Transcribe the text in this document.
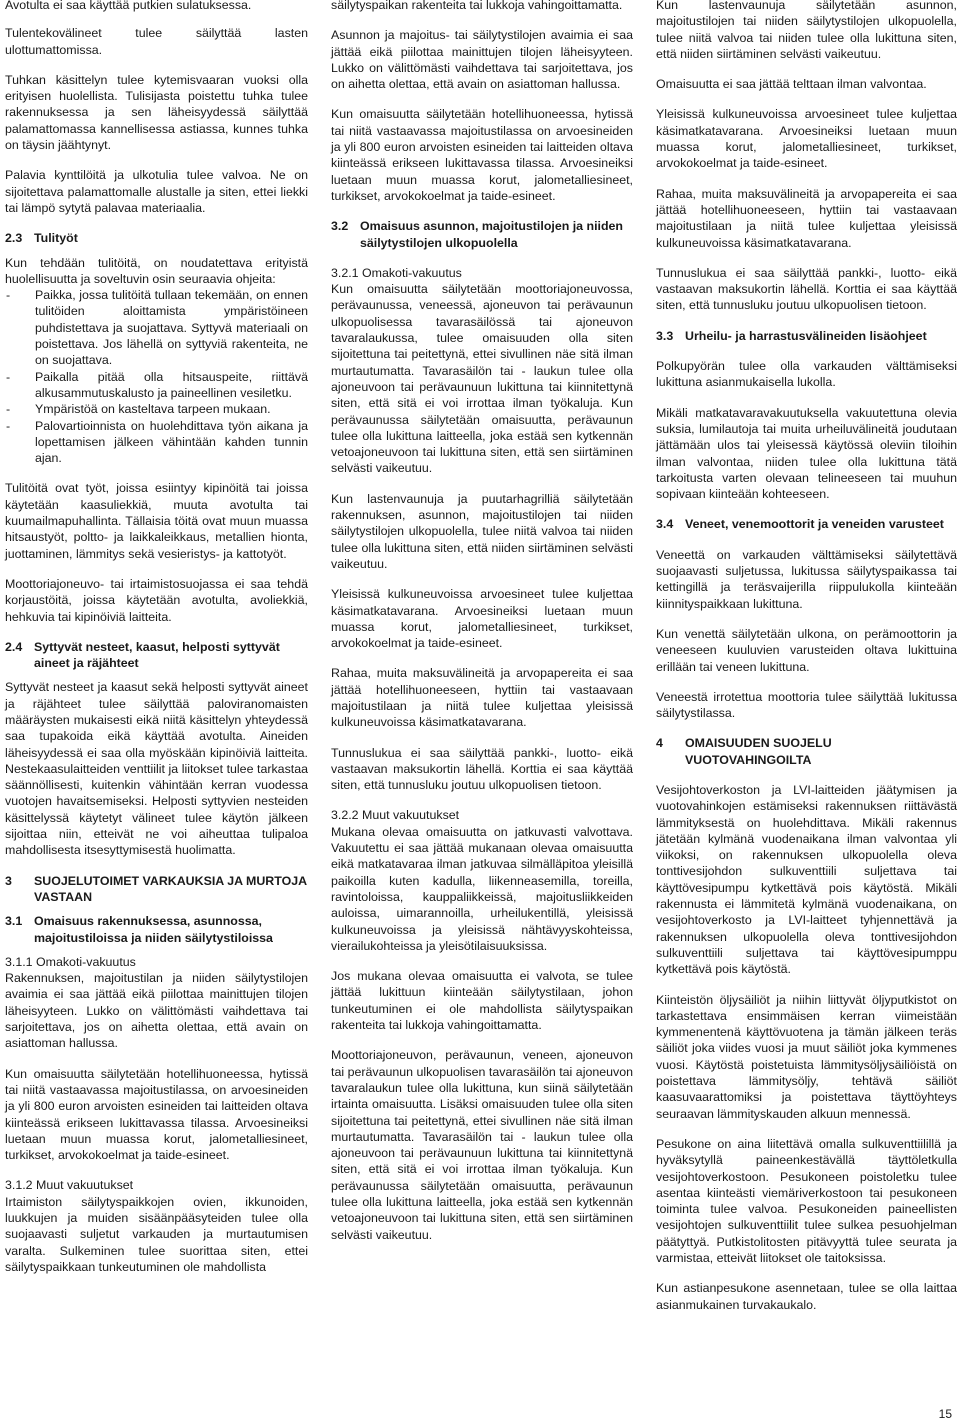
Avotulta ei saa käyttää putkien sulatuksessa.

Tulentekovälineet tulee säilyttää lasten ulottumattomissa.

Tuhkan käsittelyn tulee kytemisvaaran vuoksi olla erityisen huolellista. Tulisijasta poistettu tuhka tulee rakennuksessa ja sen läheisyydessä säilyttää palamattomassa kannellisessa astiassa, kunnes tuhka on täysin jäähtynyt.

Palavia kynttilöitä ja ulkotulia tulee valvoa. Ne on sijoitettava palamattomalle alustalle ja siten, ettei liekki tai lämpö sytytä palavaa materiaalia.

2.3 Tulityöt

Kun tehdään tulitöitä, on noudatettava erityistä huolellisuutta ja soveltuvin osin seuraavia ohjeita:

- Paikka, jossa tulitöitä tullaan tekemään, on ennen tulitöiden aloittamista ympäristöineen puhdistettava ja suojattava. Syttyvä materiaali on poistettava. Jos lähellä on syttyviä rakenteita, ne on suojattava.
- Paikalla pitää olla hitsauspeite, riittävä alkusammutuskalusto ja paineellinen vesiletku.
- Ympäristöä on kasteltava tarpeen mukaan.
- Palovartioinnista on huolehdittava työn aikana ja lopettamisen jälkeen vähintään kahden tunnin ajan.

Tulitöitä ovat työt, joissa esiintyy kipinöitä tai joissa käytetään kaasuliekkiä, muuta avotulta tai kuumailmapuhallinta. Tällaisia töitä ovat muun muassa hitsaustyöt, poltto- ja laikkaleikkaus, metallien hionta, juottaminen, lämmitys sekä vesieristys- ja kattotyöt.

Moottoriajoneuvo- tai irtaimistosuojassa ei saa tehdä korjaustöitä, joissa käytetään avotulta, avoliekkiä, hehkuvia tai kipinöiviä laitteita.

2.4 Syttyvät nesteet, kaasut, helposti syttyvät aineet ja räjähteet

Syttyvät nesteet ja kaasut sekä helposti syttyvät aineet ja räjähteet tulee säilyttää paloviranomaisten määräysten mukaisesti eikä niitä käsittelyn yhteydessä saa tupakoida eikä käyttää avotulta. Aineiden läheisyydessä ei saa olla myöskään kipinöiviä laitteita. Nestekaasulaitteiden venttiilit ja liitokset tulee tarkastaa säännöllisesti, kuitenkin vähintään kerran vuodessa vuotojen havaitsemiseksi. Helposti syttyvien nesteiden käsittelyssä käytetyt välineet tulee käytön jälkeen sijoittaa niin, etteivät ne voi aiheuttaa tulipaloa mahdollisesta itsesyttymisestä huolimatta.

3	SUOJELUTOIMET VARKAUKSIA JA MURTOJA VASTAAN
3.1 Omaisuus rakennuksessa, asunnossa, majoitustiloissa ja niiden säilytystiloissa
3.1.1 Omakoti-vakuutus

Rakennuksen, majoitustilan ja niiden säilytystilojen avaimia ei saa jättää eikä piilottaa mainittujen tilojen läheisyyteen. Lukko on välittömästi vaihdettava tai sarjoitettava, jos on aihetta olettaa, että avain on asiattoman hallussa.

Kun omaisuutta säilytetään hotellihuoneessa, hytissä tai niitä vastaavassa majoitustilassa, on arvoesineiden ja yli 800 euron arvoisten esineiden tai laitteiden oltava kiinteässä erikseen lukittavassa tilassa. Arvoesineiksi luetaan muun muassa korut, jalometalliesineet, turkikset, arvokokoelmat ja taide-esineet.

3.1.2 Muut vakuutukset

Irtaimiston säilytyspaikkojen ovien, ikkunoiden, luukkujen ja muiden sisäänpääsyteiden tulee olla suojaavasti suljetut varkauden ja murtautumisen varalta. Sulkeminen tulee suorittaa siten, ettei säilytyspaikkaan tunkeutuminen ole mahdollista

säilytyspaikan rakenteita tai lukkoja vahingoittamatta.

Asunnon ja majoitus- tai säilytystilojen avaimia ei saa jättää eikä piilottaa mainittujen tilojen läheisyyteen. Lukko on välittömästi vaihdettava tai sarjoitettava, jos on aihetta olettaa, että avain on asiattoman hallussa.

Kun omaisuutta säilytetään hotellihuoneessa, hytissä tai niitä vastaavassa majoitustilassa on arvoesineiden ja yli 800 euron arvoisten esineiden tai laitteiden oltava kiinteässä erikseen lukittavassa tilassa. Arvoesineiksi luetaan muun muassa korut, jalometalliesineet, turkikset, arvokokoelmat ja taide-esineet.

3.2 Omaisuus asunnon, majoitustilojen ja niiden säilytystilojen ulkopuolella
3.2.1 Omakoti-vakuutus

Kun omaisuutta säilytetään moottoriajoneuvossa, perävaunussa, veneessä, ajoneuvon tai perävaunun ulkopuolisessa tavarasäilössä tai ajoneuvon tavaralaukussa, tulee omaisuuden olla siten sijoitettuna tai peitettynä, ettei sivullinen näe sitä ilman murtautumatta. Tavarasäilön tai - laukun tulee olla ajoneuvoon tai perävaunuun lukittuna tai kiinnitettynä siten, että sitä ei voi irrottaa ilman työkaluja. Kun perävaunussa säilytetään omaisuutta, perävaunun tulee olla lukittuna laitteella, joka estää sen kytkennän vetoajoneuvoon tai lukittuna siten, että sen siirtäminen selvästi vaikeutuu.

Kun lastenvaunuja ja puutarhagrilliä säilytetään rakennuksen, asunnon, majoitustilojen tai niiden säilytystilojen ulkopuolella, tulee niitä valvoa tai niiden tulee olla lukittuna siten, että niiden siirtäminen selvästi vaikeutuu.

Yleisissä kulkuneuvoissa arvoesineet tulee kuljettaa käsimatkatavarana. Arvoesineiksi luetaan muun muassa korut, jalometalliesineet, turkikset, arvokokoelmat ja taide-esineet.

Rahaa, muita maksuvälineitä ja arvopapereita ei saa jättää hotellihuoneeseen, hyttiin tai vastaavaan majoitustilaan ja niitä tulee kuljettaa yleisissä kulkuneuvoissa käsimatkatavarana.

Tunnuslukua ei saa säilyttää pankki-, luotto- eikä vastaavan maksukortin lähellä. Korttia ei saa käyttää siten, että tunnusluku joutuu ulkopuolisen tietoon.

3.2.2 Muut vakuutukset

Mukana olevaa omaisuutta on jatkuvasti valvottava. Vakuutettu ei saa jättää mukanaan olevaa omaisuutta eikä matkatavaraa ilman jatkuvaa silmälläpitoa yleisillä paikoilla kuten kadulla, liikenneasemilla, toreilla, ravintoloissa, kauppaliikkeissä, majoitusliikkeiden auloissa, uimarannoilla, urheilukentillä, yleisissä kulkuneuvoissa ja yleisissä nähtävyyskohteissa, vierailukohteissa ja yleisötilaisuuksissa.

Jos mukana olevaa omaisuutta ei valvota, se tulee jättää lukittuun kiinteään säilytystilaan, johon tunkeutuminen ei ole mahdollista säilytyspaikan rakenteita tai lukkoja vahingoittamatta.

Moottoriajoneuvon, perävaunun, veneen, ajoneuvon tai perävaunun ulkopuolisen tavarasäilön tai ajoneuvon tavaralaukun tulee olla lukittuna, kun siinä säilytetään irtainta omaisuutta. Lisäksi omaisuuden tulee olla siten sijoitettuna tai peitettynä, ettei sivullinen näe sitä ilman murtautumatta. Tavarasäilön tai - laukun tulee olla ajoneuvoon tai perävaunuun lukittuna tai kiinnitettynä siten, että sitä ei voi irrottaa ilman työkaluja. Kun perävaunussa säilytetään omaisuutta, perävaunun tulee olla lukittuna laitteella, joka estää sen kytkennän vetoajoneuvoon tai lukittuna siten, että sen siirtäminen selvästi vaikeutuu.

Kun lastenvaunuja säilytetään asunnon, majoitustilojen tai niiden säilytystilojen ulkopuolella, tulee niitä valvoa tai niiden tulee olla lukittuna siten, että niiden siirtäminen selvästi vaikeutuu.

Omaisuutta ei saa jättää telttaan ilman valvontaa.

Yleisissä kulkuneuvoissa arvoesineet tulee kuljettaa käsimatkatavarana. Arvoesineiksi luetaan muun muassa korut, jalometalliesineet, turkikset, arvokokoelmat ja taide-esineet.

Rahaa, muita maksuvälineitä ja arvopapereita ei saa jättää hotellihuoneeseen, hyttiin tai vastaavaan majoitustilaan ja niitä tulee kuljettaa yleisissä kulkuneuvoissa käsimatkatavarana.

Tunnuslukua ei saa säilyttää pankki-, luotto- eikä vastaavan maksukortin lähellä. Korttia ei saa käyttää siten, että tunnusluku joutuu ulkopuolisen tietoon.

3.3 Urheilu- ja harrastusvälineiden lisäohjeet

Polkupyörän tulee olla varkauden välttämiseksi lukittuna asianmukaisella lukolla.

Mikäli matkatavaravakuutuksella vakuutettuna olevia suksia, lumilautoja tai muita urheiluvälineitä joudutaan jättämään ulos tai yleisessä käytössä oleviin tiloihin ilman valvontaa, niiden tulee olla lukittuna tätä tarkoitusta varten olevaan telineeseen tai muuhun sopivaan kiinteään kohteeseen.

3.4 Veneet, venemoottorit ja veneiden varusteet

Veneettä on varkauden välttämiseksi säilytettävä suojaavasti suljetussa, lukitussa säilytyspaikassa tai kettingillä ja teräsvaijerilla riippulukolla kiinteään kiinnityspaikkaan lukittuna.

Kun venettä säilytetään ulkona, on perämoottorin ja veneeseen kuuluvien varusteiden oltava lukittuina erillään tai veneen lukittuna.

Veneestä irrotettua moottoria tulee säilyttää lukitussa säilytystilassa.

4	OMAISUUDEN SUOJELU VUOTOVAHINGOILTA

Vesijohtoverkoston ja LVI-laitteiden jäätymisen ja vuotovahinkojen estämiseksi rakennuksen riittävästä lämmityksestä on huolehdittava. Mikäli rakennus jätetään kylmänä vuodenaikana ilman valvontaa yli viikoksi, on rakennuksen ulkopuolella oleva tonttivesijohdon sulkuventtiili suljettava tai käyttövesipumpu kytkettävä pois käytöstä. Mikäli rakennusta ei lämmitetä kylmänä vuodenaikana, on vesijohtoverkosto ja LVI-laitteet tyhjennettävä ja rakennuksen ulkopuolella oleva tonttivesijohdon sulkuventtiili suljettava tai käyttövesipumppu kytkettävä pois käytöstä.

Kiinteistön öljysäiliöt ja niihin liittyvät öljyputkistot on tarkastettava ensimmäisen kerran viimeistään kymmenentenä käyttövuotena ja tämän jälkeen teräs säiliöt joka viides vuosi ja muut säiliöt joka kymmenes vuosi. Käytöstä poistetuista lämmitysöljysäiliöistä on poistettava lämmitysöljy, tehtävä säiliöt kaasuvaarattomiksi ja poistettava täyttöyhteys seuraavan lämmityskauden alkuun mennessä.

Pesukone on aina liitettävä omalla sulkuventtiilillä ja hyväksytyllä paineenkestävällä täyttöletkulla vesijohtoverkostoon. Pesukoneen poistoletku tulee asentaa kiinteästi viemäriverkostoon tai pesukoneen toiminta tulee valvoa. Pesukoneiden paineellisten vesijohtojen sulkuventtiilit tulee sulkea pesuohjelman päätyttyä. Putkistolitosten pitävyyttä tulee seurata ja varmistaa, etteivät liitokset ole taitoksissa.

Kun astianpesukone asennetaan, tulee se olla laittaa asianmukainen turvakaukalo.

15
